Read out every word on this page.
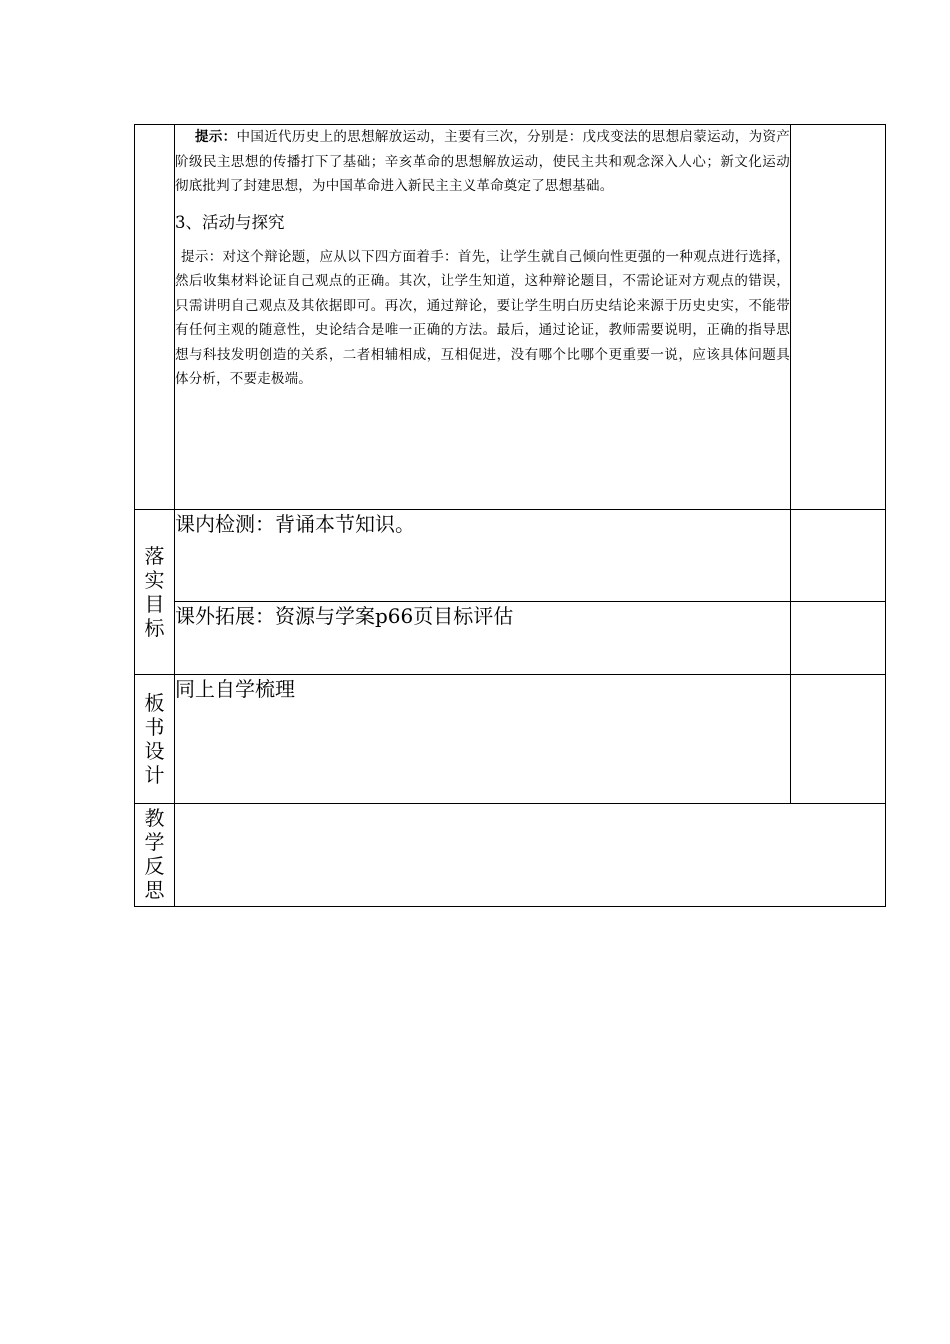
	提示：中国近代历史上的思想解放运动，主要有三次，分别是：戊戌变法的思想启蒙运动，为资产阶级民主思想的传播打下了基础；辛亥革命的思想解放运动，使民主共和观念深入人心；新文化运动彻底批判了封建思想，为中国革命进入新民主主义革命奠定了思想基础。

3、活动与探究

提示：对这个辩论题，应从以下四方面着手：首先，让学生就自己倾向性更强的一种观点进行选择，然后收集材料论证自己观点的正确。其次，让学生知道，这种辩论题目，不需论证对方观点的错误，只需讲明自己观点及其依据即可。再次，通过辩论，要让学生明白历史结论来源于历史史实，不能带有任何主观的随意性，史论结合是唯一正确的方法。最后，通过论证，教师需要说明，正确的指导思想与科技发明创造的关系，二者相辅相成，互相促进，没有哪个比哪个更重要一说，应该具体问题具体分析，不要走极端。	

落实目标	课内检测：背诵本节知识。	
	课外拓展：资源与学案p66页目标评估	
板书设计	同上自学梳理	
教学反思		
